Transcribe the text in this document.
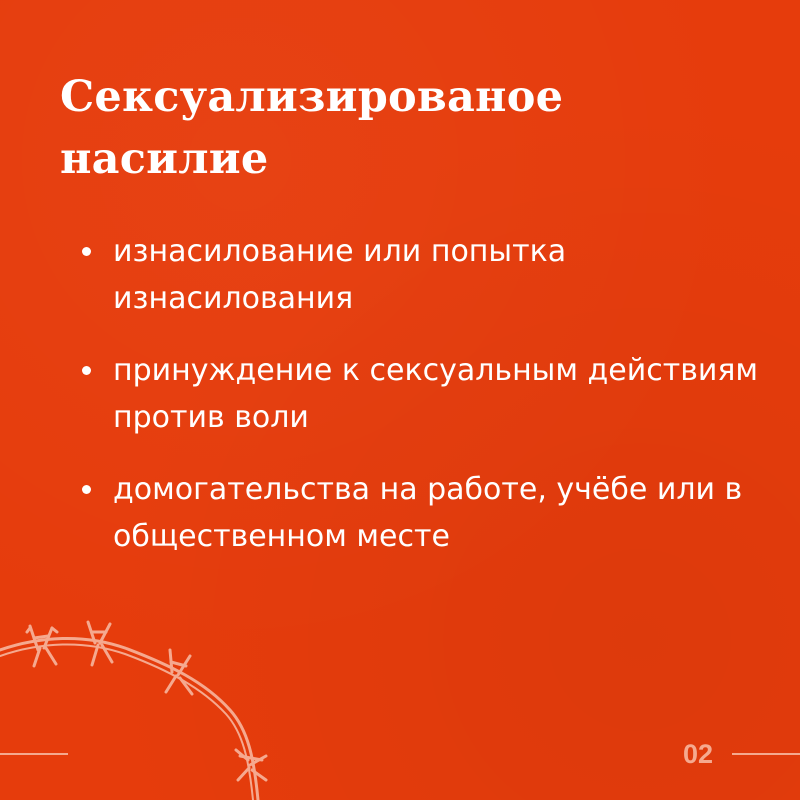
Сексуализированое насилие
изнасилование или попытка изнасилования
принуждение к сексуальным действиям против воли
домогательства на работе, учёбе или в общественном месте
02
